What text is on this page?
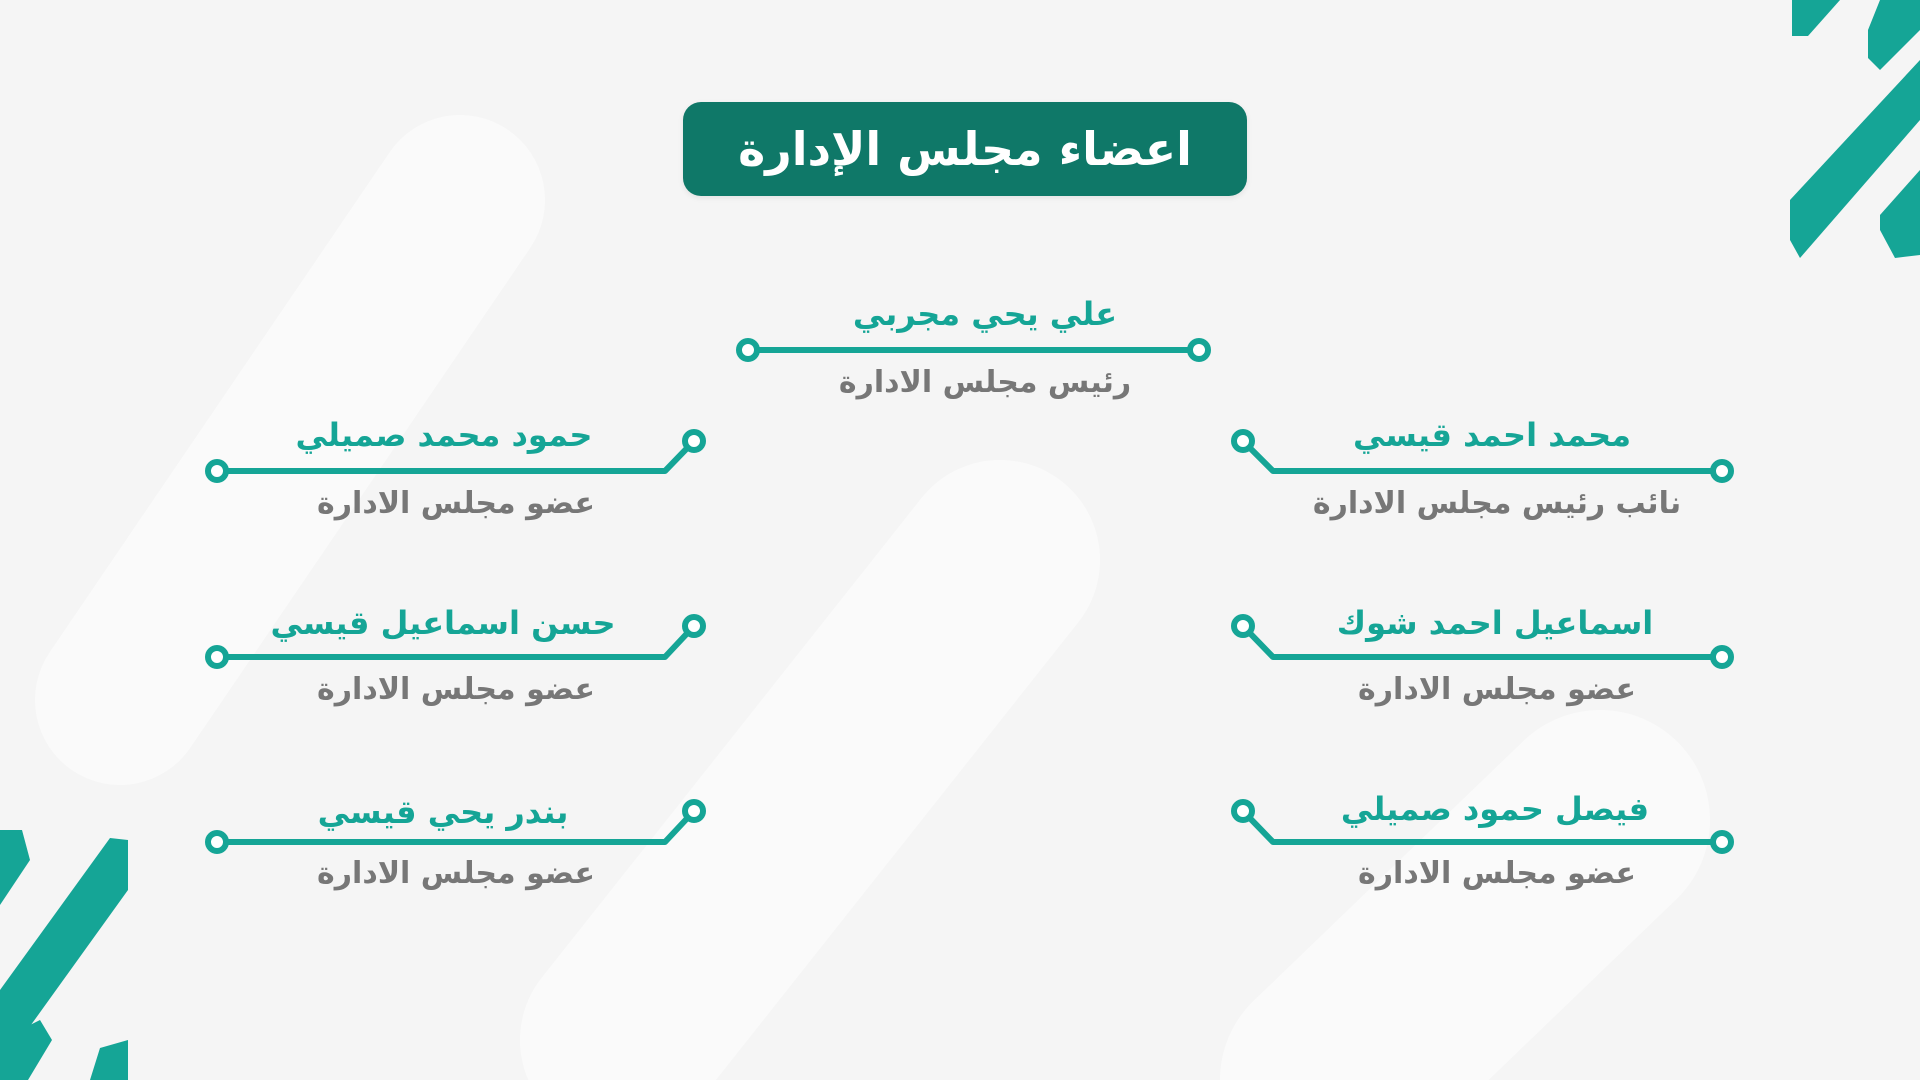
اعضاء مجلس الإدارة
علي يحي مجربي
رئيس مجلس الادارة
محمد احمد قيسي
نائب رئيس مجلس الادارة
اسماعيل احمد شوك
عضو مجلس الادارة
فيصل حمود صميلي
عضو مجلس الادارة
حمود محمد صميلي
عضو مجلس الادارة
حسن اسماعيل قيسي
عضو مجلس الادارة
بندر يحي قيسي
عضو مجلس الادارة
